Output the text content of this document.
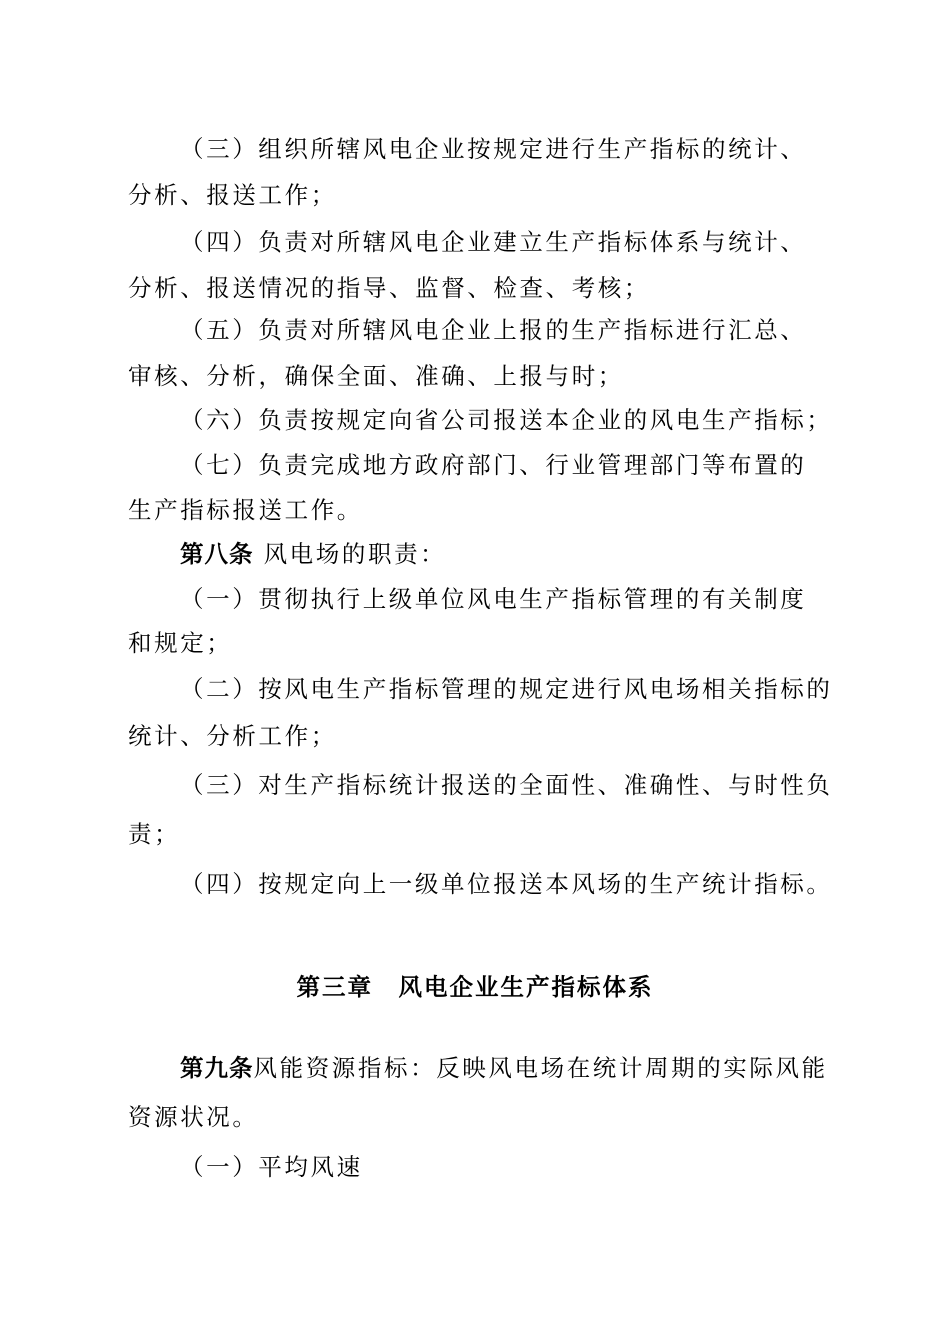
（三）组织所辖风电企业按规定进行生产指标的统计、
分析、报送工作；
（四）负责对所辖风电企业建立生产指标体系与统计、
分析、报送情况的指导、监督、检查、考核；
（五）负责对所辖风电企业上报的生产指标进行汇总、
审核、分析，确保全面、准确、上报与时；
（六）负责按规定向省公司报送本企业的风电生产指标；
（七）负责完成地方政府部门、行业管理部门等布置的
生产指标报送工作。
第八条 风电场的职责：
（一）贯彻执行上级单位风电生产指标管理的有关制度
和规定；
（二）按风电生产指标管理的规定进行风电场相关指标的
统计、分析工作；
（三）对生产指标统计报送的全面性、准确性、与时性负
责；
（四）按规定向上一级单位报送本风场的生产统计指标。
第三章　风电企业生产指标体系
第九条风能资源指标：反映风电场在统计周期的实际风能
资源状况。
（一）平均风速
